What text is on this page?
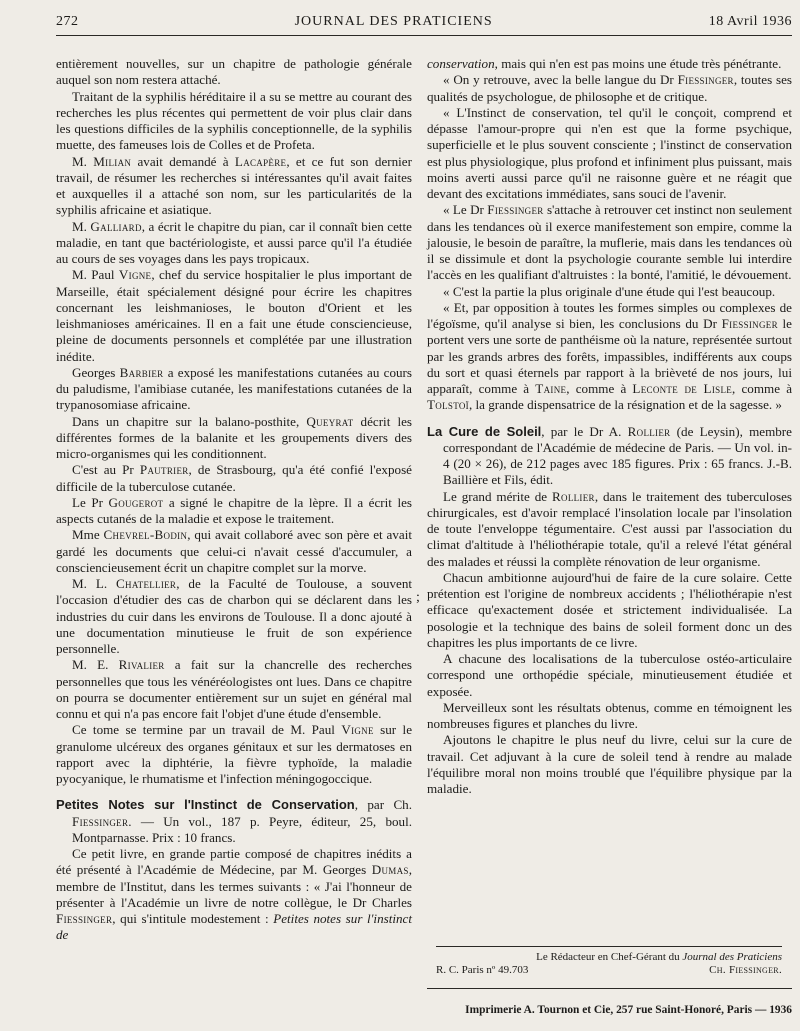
272	JOURNAL DES PRATICIENS	18 Avril 1936

entièrement nouvelles, sur un chapitre de pathologie générale auquel son nom restera attaché.

Traitant de la syphilis héréditaire il a su se mettre au courant des recherches les plus récentes qui permettent de voir plus clair dans les questions difficiles de la syphilis conceptionnelle, de la syphilis muette, des fameuses lois de Colles et de Profeta.

M. Milian avait demandé à Lacapère, et ce fut son dernier travail, de résumer les recherches si intéressantes qu'il avait faites et auxquelles il a attaché son nom, sur les particularités de la syphilis africaine et asiatique.

M. Galliard, a écrit le chapitre du pian, car il connaît bien cette maladie, en tant que bactériologiste, et aussi parce qu'il l'a étudiée au cours de ses voyages dans les pays tropicaux.

M. Paul Vigne, chef du service hospitalier le plus important de Marseille, était spécialement désigné pour écrire les chapitres concernant les leishmanioses, le bouton d'Orient et les leishmanioses américaines. Il en a fait une étude consciencieuse, pleine de documents personnels et complétée par une illustration inédite.

Georges Barbier a exposé les manifestations cutanées au cours du paludisme, l'amibiase cutanée, les manifestations cutanées de la trypanosomiase africaine.

Dans un chapitre sur la balano-posthite, Queyrat décrit les différentes formes de la balanite et les groupements divers des micro-organismes qui les conditionnent.

C'est au Pr Pautrier, de Strasbourg, qu'a été confié l'exposé difficile de la tuberculose cutanée.

Le Pr Gougerot a signé le chapitre de la lèpre. Il a écrit les aspects cutanés de la maladie et expose le traitement.

Mme Chevrel-Bodin, qui avait collaboré avec son père et avait gardé les documents que celui-ci n'avait cessé d'accumuler, a consciencieusement écrit un chapitre complet sur la morve.

M. L. Chatellier, de la Faculté de Toulouse, a souvent l'occasion d'étudier des cas de charbon qui se déclarent dans les industries du cuir dans les environs de Toulouse. Il a donc ajouté à une documentation minutieuse le fruit de son expérience personnelle.

M. E. Rivalier a fait sur la chancrelle des recherches personnelles que tous les vénéréologistes ont lues. Dans ce chapitre on pourra se documenter entièrement sur un sujet en général mal connu et qui n'a pas encore fait l'objet d'une étude d'ensemble.

Ce tome se termine par un travail de M. Paul Vigne sur le granulome ulcéreux des organes génitaux et sur les dermatoses en rapport avec la diphtérie, la fièvre typhoïde, la maladie pyocyanique, le rhumatisme et l'infection méningogoccique.

Petites Notes sur l'Instinct de Conservation, par Ch. Fiessinger. — Un vol., 187 p. Peyre, éditeur, 25, boul. Montparnasse. Prix : 10 francs.

Ce petit livre, en grande partie composé de chapitres inédits a été présenté à l'Académie de Médecine, par M. Georges Dumas, membre de l'Institut, dans les termes suivants : « J'ai l'honneur de présenter à l'Académie un livre de notre collègue, le Dr Charles Fiessinger, qui s'intitule modestement : Petites notes sur l'instinct de

;

conservation, mais qui n'en est pas moins une étude très pénétrante.

« On y retrouve, avec la belle langue du Dr Fiessinger, toutes ses qualités de psychologue, de philosophe et de critique.

« L'Instinct de conservation, tel qu'il le conçoit, comprend et dépasse l'amour-propre qui n'en est que la forme psychique, superficielle et le plus souvent consciente ; l'instinct de conservation est plus physiologique, plus profond et infiniment plus puissant, mais moins averti aussi parce qu'il ne raisonne guère et ne réagit que devant des excitations immédiates, sans souci de l'avenir.

« Le Dr Fiessinger s'attache à retrouver cet instinct non seulement dans les tendances où il exerce manifestement son empire, comme la jalousie, le besoin de paraître, la muflerie, mais dans les tendances où il se dissimule et dont la psychologie courante semble lui interdire l'accès en les qualifiant d'altruistes : la bonté, l'amitié, le dévouement.

« C'est la partie la plus originale d'une étude qui l'est beaucoup.

« Et, par opposition à toutes les formes simples ou complexes de l'égoïsme, qu'il analyse si bien, les conclusions du Dr Fiessinger le portent vers une sorte de panthéisme où la nature, représentée surtout par les grands arbres des forêts, impassibles, indifférents aux coups du sort et quasi éternels par rapport à la brièveté de nos jours, lui apparaît, comme à Taine, comme à Leconte de Lisle, comme à Tolstoï, la grande dispensatrice de la résignation et de la sagesse. »

La Cure de Soleil, par le Dr A. Rollier (de Leysin), membre correspondant de l'Académie de médecine de Paris. — Un vol. in-4 (20 × 26), de 212 pages avec 185 figures. Prix : 65 francs. J.-B. Baillière et Fils, édit.

Le grand mérite de Rollier, dans le traitement des tuberculoses chirurgicales, est d'avoir remplacé l'insolation locale par l'insolation de toute l'enveloppe tégumentaire. C'est aussi par l'association du climat d'altitude à l'héliothérapie totale, qu'il a relevé l'état général des malades et réussi la complète rénovation de leur organisme.

Chacun ambitionne aujourd'hui de faire de la cure solaire. Cette prétention est l'origine de nombreux accidents ; l'héliothérapie n'est efficace qu'exactement dosée et strictement individualisée. La posologie et la technique des bains de soleil forment donc un des chapitres les plus importants de ce livre.

A chacune des localisations de la tuberculose ostéo-articulaire correspond une orthopédie spéciale, minutieusement étudiée et exposée.

Merveilleux sont les résultats obtenus, comme en témoignent les nombreuses figures et planches du livre.

Ajoutons le chapitre le plus neuf du livre, celui sur la cure de travail. Cet adjuvant à la cure de soleil tend à rendre au malade l'équilibre moral non moins troublé que l'équilibre physique par la maladie.

Le Rédacteur en Chef-Gérant du Journal des Praticiens
R. C. Paris nº 49.703	Ch. Fiessinger.
Imprimerie A. Tournon et Cie, 257 rue Saint-Honoré, Paris — 1936
